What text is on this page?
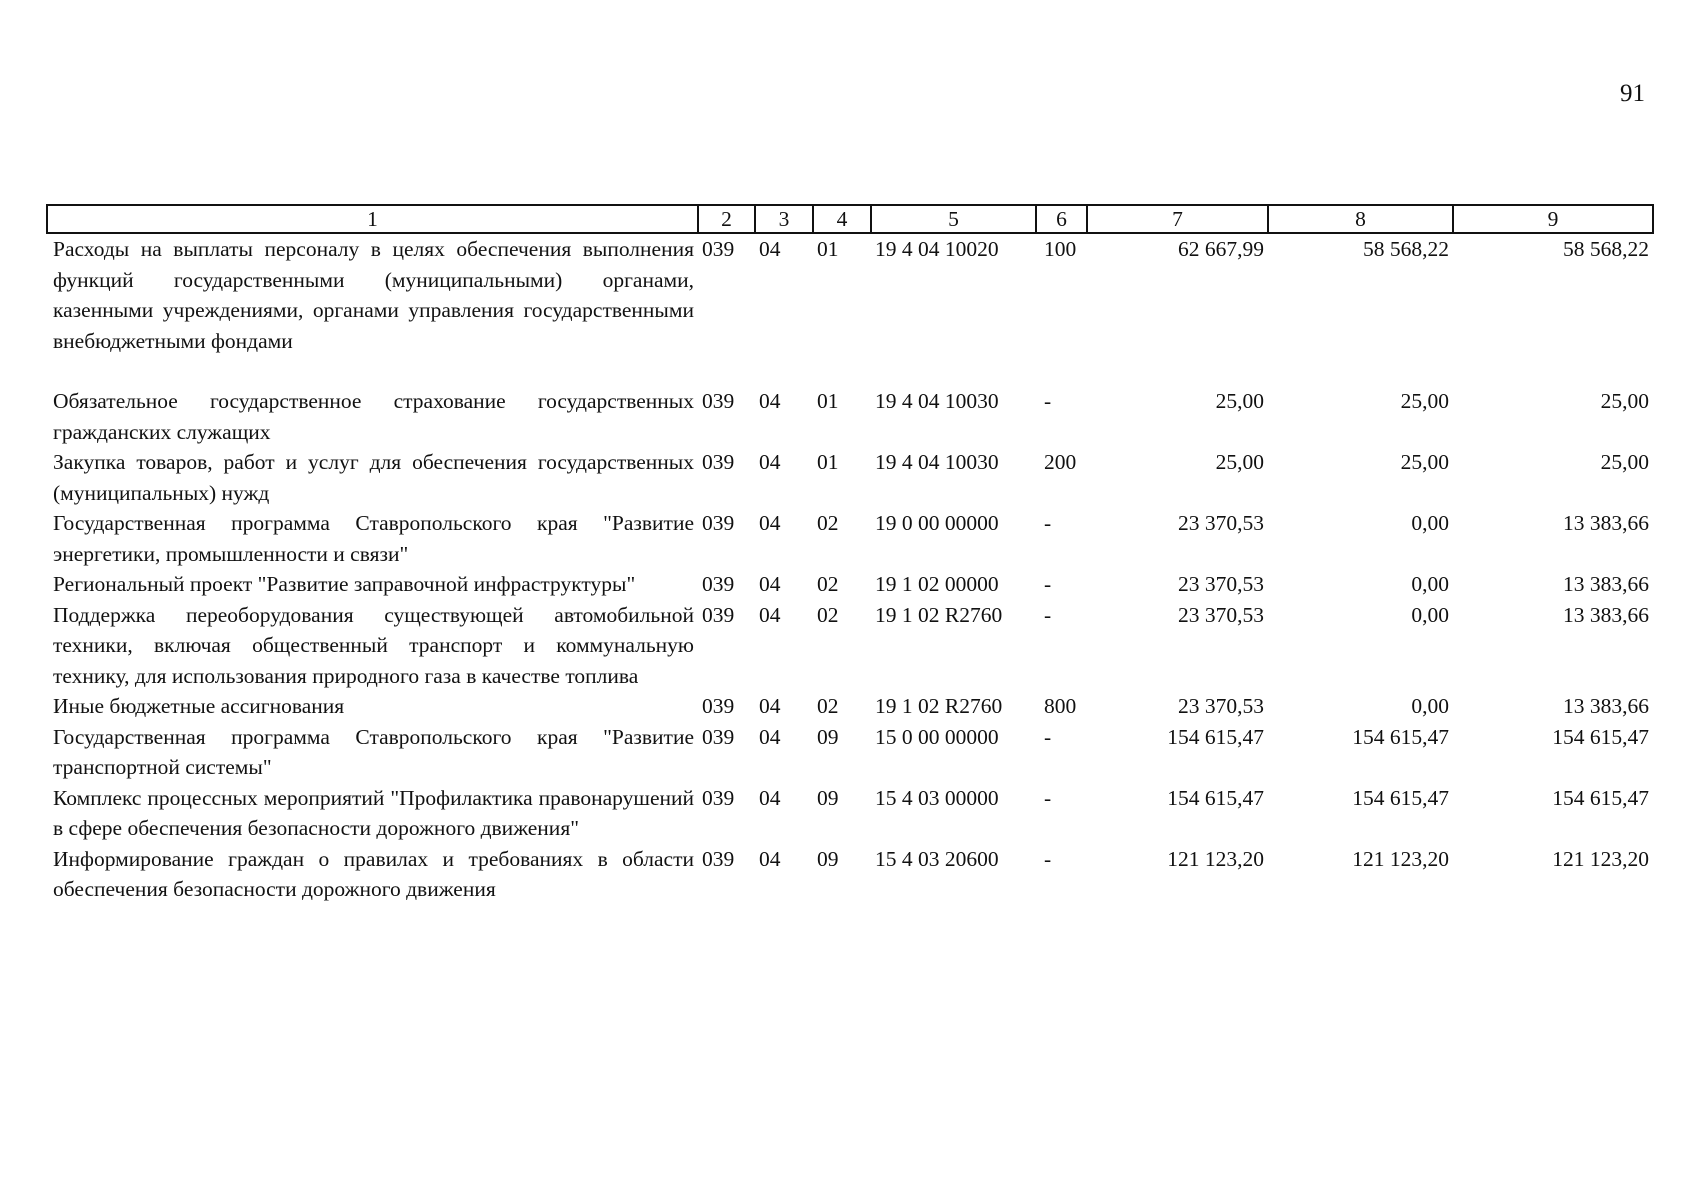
91
1	2	3	4	5	6	7	8	9
Расходы на выплаты персоналу в целях обеспечения выполнения функций государственными (муниципальными) органами, казенными учреждениями, органами управления государственными внебюджетными фондами	039	04	01	19 4 04 10020	100	62 667,99	58 568,22	58 568,22
Обязательное государственное страхование государственных гражданских служащих	039	04	01	19 4 04 10030	-	25,00	25,00	25,00
Закупка товаров, работ и услуг для обеспечения государственных (муниципальных) нужд	039	04	01	19 4 04 10030	200	25,00	25,00	25,00
Государственная программа Ставропольского края "Развитие энергетики, промышленности и связи"	039	04	02	19 0 00 00000	-	23 370,53	0,00	13 383,66
Региональный проект "Развитие заправочной инфраструктуры"	039	04	02	19 1 02 00000	-	23 370,53	0,00	13 383,66
Поддержка переоборудования существующей автомобильной техники, включая общественный транспорт и коммунальную технику, для использования природного газа в качестве топлива	039	04	02	19 1 02 R2760	-	23 370,53	0,00	13 383,66
Иные бюджетные ассигнования	039	04	02	19 1 02 R2760	800	23 370,53	0,00	13 383,66
Государственная программа Ставропольского края "Развитие транспортной системы"	039	04	09	15 0 00 00000	-	154 615,47	154 615,47	154 615,47
Комплекс процессных мероприятий "Профилактика правонарушений в сфере обеспечения безопасности дорожного движения"	039	04	09	15 4 03 00000	-	154 615,47	154 615,47	154 615,47
Информирование граждан о правилах и требованиях в области обеспечения безопасности дорожного движения	039	04	09	15 4 03 20600	-	121 123,20	121 123,20	121 123,20
